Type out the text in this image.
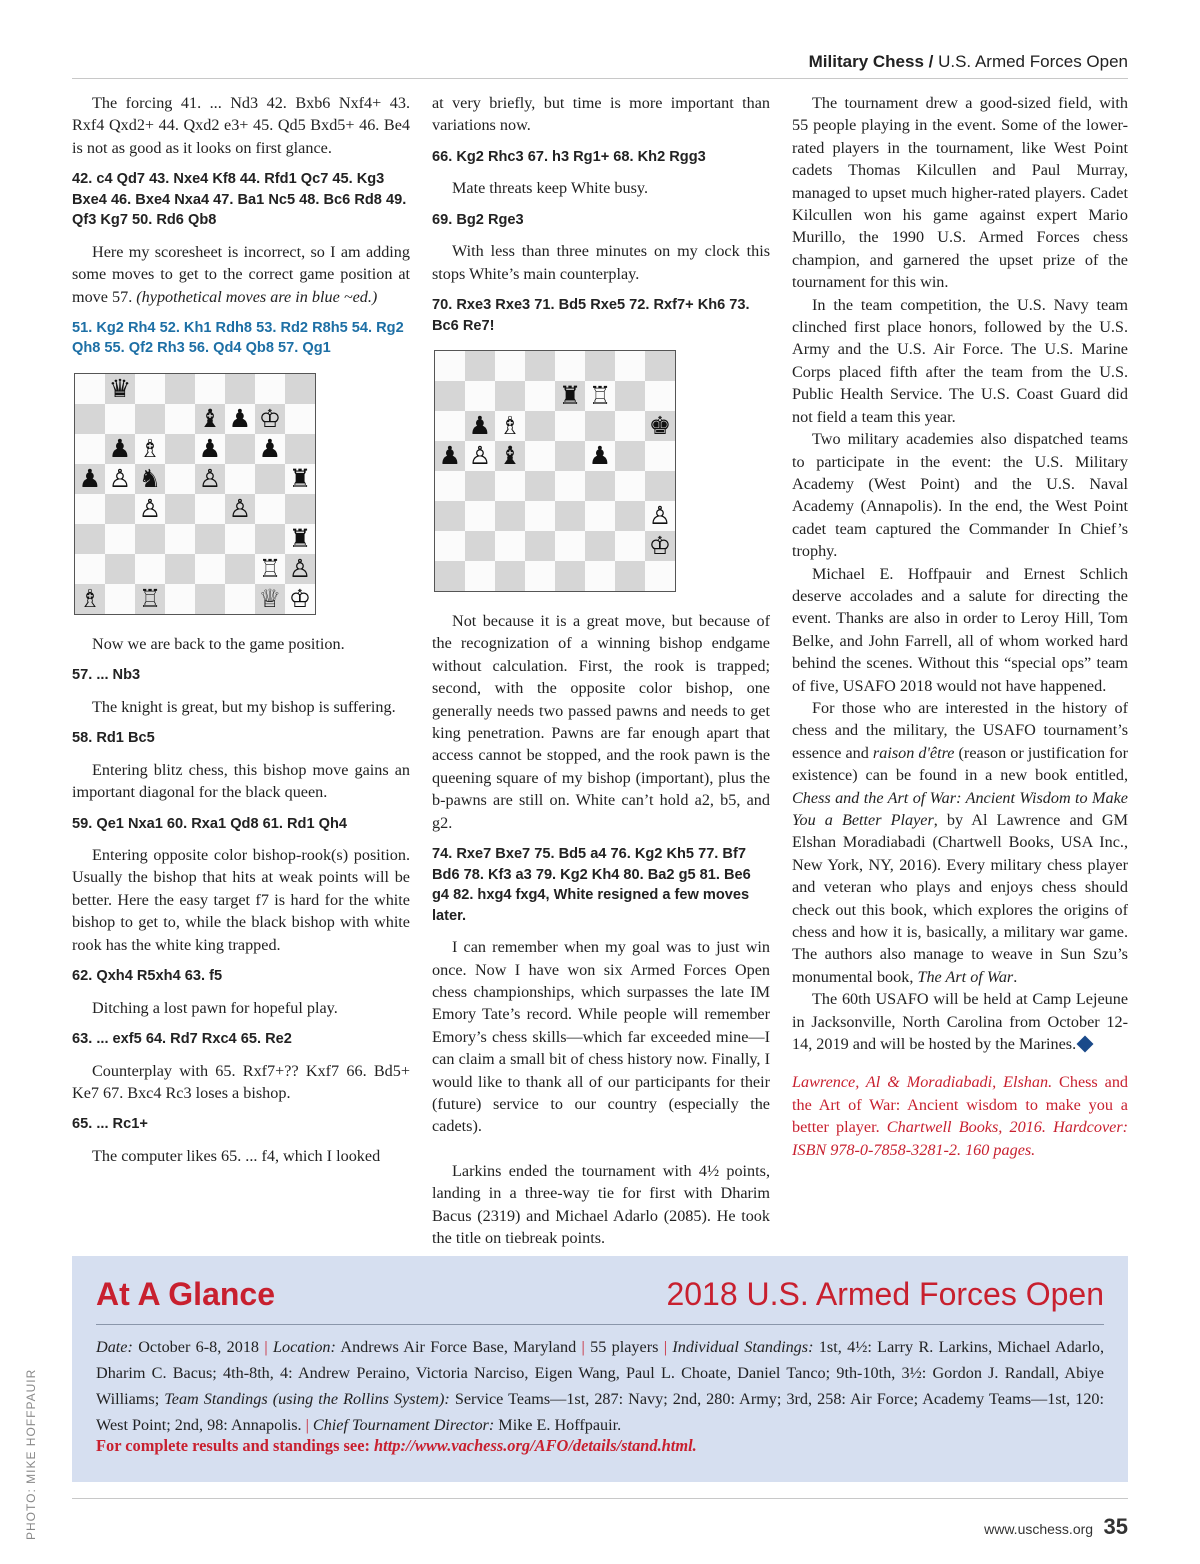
Military Chess / U.S. Armed Forces Open

The forcing 41. ... Nd3 42. Bxb6 Nxf4+ 43. Rxf4 Qxd2+ 44. Qxd2 e3+ 45. Qd5 Bxd5+ 46. Be4 is not as good as it looks on first glance.

42. c4 Qd7 43. Nxe4 Kf8 44. Rfd1 Qc7 45. Kg3 Bxe4 46. Bxe4 Nxa4 47. Ba1 Nc5 48. Bc6 Rd8 49. Qf3 Kg7 50. Rd6 Qb8

Here my scoresheet is incorrect, so I am adding some moves to get to the correct game position at move 57. (hypothetical moves are in blue ~ed.)

51. Kg2 Rh4 52. Kh1 Rdh8 53. Rd2 R8h5 54. Rg2 Qh8 55. Qf2 Rh3 56. Qd4 Qb8 57. Qg1

♛
♝ ♟ ♔
♟ ♗ ♟ ♟
♟ ♙ ♞ ♙	♜
♙	♙
♜
♖ ♙
♗ ♖	♕ ♔

Now we are back to the game position.

57. ... Nb3

The knight is great, but my bishop is suffering.

58. Rd1 Bc5

Entering blitz chess, this bishop move gains an important diagonal for the black queen.

59. Qe1 Nxa1 60. Rxa1 Qd8 61. Rd1 Qh4

Entering opposite color bishop-rook(s) position. Usually the bishop that hits at weak points will be better. Here the easy target f7 is hard for the white bishop to get to, while the black bishop with white rook has the white king trapped.

62. Qxh4 R5xh4 63. f5

Ditching a lost pawn for hopeful play.

63. ... exf5 64. Rd7 Rxc4 65. Re2

Counterplay with 65. Rxf7+?? Kxf7 66. Bd5+ Ke7 67. Bxc4 Rc3 loses a bishop.

65. ... Rc1+

The computer likes 65. ... f4, which I looked

at very briefly, but time is more important than variations now.

66. Kg2 Rhc3 67. h3 Rg1+ 68. Kh2 Rgg3

Mate threats keep White busy.

69. Bg2 Rge3

With less than three minutes on my clock this stops White’s main counterplay.

70. Rxe3 Rxe3 71. Bd5 Rxe5 72. Rxf7+ Kh6 73. Bc6 Re7!

♜ ♖
♟ ♗	♚
♟ ♙ ♝	♟
♙
♔

Not because it is a great move, but because of the recognization of a winning bishop endgame without calculation. First, the rook is trapped; second, with the opposite color bishop, one generally needs two passed pawns and needs to get king penetration. Pawns are far enough apart that access cannot be stopped, and the rook pawn is the queening square of my bishop (important), plus the b-pawns are still on. White can’t hold a2, b5, and g2.

74. Rxe7 Bxe7 75. Bd5 a4 76. Kg2 Kh5 77. Bf7 Bd6 78. Kf3 a3 79. Kg2 Kh4 80. Ba2 g5 81. Be6 g4 82. hxg4 fxg4, White resigned a few moves later.

I can remember when my goal was to just win once. Now I have won six Armed Forces Open chess championships, which surpasses the late IM Emory Tate’s record. While people will remember Emory’s chess skills—which far exceeded mine—I can claim a small bit of chess history now. Finally, I would like to thank all of our participants for their (future) service to our country (especially the cadets).

Larkins ended the tournament with 4½ points, landing in a three-way tie for first with Dharim Bacus (2319) and Michael Adarlo (2085). He took the title on tiebreak points.

The tournament drew a good-sized field, with 55 people playing in the event. Some of the lower-rated players in the tournament, like West Point cadets Thomas Kilcullen and Paul Murray, managed to upset much higher-rated players. Cadet Kilcullen won his game against expert Mario Murillo, the 1990 U.S. Armed Forces chess champion, and garnered the upset prize of the tournament for this win.

In the team competition, the U.S. Navy team clinched first place honors, followed by the U.S. Army and the U.S. Air Force. The U.S. Marine Corps placed fifth after the team from the U.S. Public Health Service. The U.S. Coast Guard did not field a team this year.

Two military academies also dispatched teams to participate in the event: the U.S. Military Academy (West Point) and the U.S. Naval Academy (Annapolis). In the end, the West Point cadet team captured the Commander In Chief’s trophy.

Michael E. Hoffpauir and Ernest Schlich deserve accolades and a salute for directing the event. Thanks are also in order to Leroy Hill, Tom Belke, and John Farrell, all of whom worked hard behind the scenes. Without this “special ops” team of five, USAFO 2018 would not have happened.

For those who are interested in the history of chess and the military, the USAFO tournament’s essence and raison d'être (reason or justification for existence) can be found in a new book entitled, Chess and the Art of War: Ancient Wisdom to Make You a Better Player, by Al Lawrence and GM Elshan Moradiabadi (Chartwell Books, USA Inc., New York, NY, 2016). Every military chess player and veteran who plays and enjoys chess should check out this book, which explores the origins of chess and how it is, basically, a military war game. The authors also manage to weave in Sun Szu’s monumental book, The Art of War.

The 60th USAFO will be held at Camp Lejeune in Jacksonville, North Carolina from October 12-14, 2019 and will be hosted by the Marines.

Lawrence, Al & Moradiabadi, Elshan. Chess and the Art of War: Ancient wisdom to make you a better player. Chartwell Books, 2016. Hardcover: ISBN 978-0-7858-3281-2. 160 pages.

At A Glance	2018 U.S. Armed Forces Open
Date: October 6-8, 2018 | Location: Andrews Air Force Base, Maryland | 55 players | Individual Standings: 1st, 4½: Larry R. Larkins, Michael Adarlo, Dharim C. Bacus; 4th-8th, 4: Andrew Peraino, Victoria Narciso, Eigen Wang, Paul L. Choate, Daniel Tanco; 9th-10th, 3½: Gordon J. Randall, Abiye Williams; Team Standings (using the Rollins System): Service Teams—1st, 287: Navy; 2nd, 280: Army; 3rd, 258: Air Force; Academy Teams—1st, 120: West Point; 2nd, 98: Annapolis. | Chief Tournament Director: Mike E. Hoffpauir.
For complete results and standings see: http://www.vachess.org/AFO/details/stand.html.
PHOTO: MIKE HOFFPAUIR	www.uschess.org 35
